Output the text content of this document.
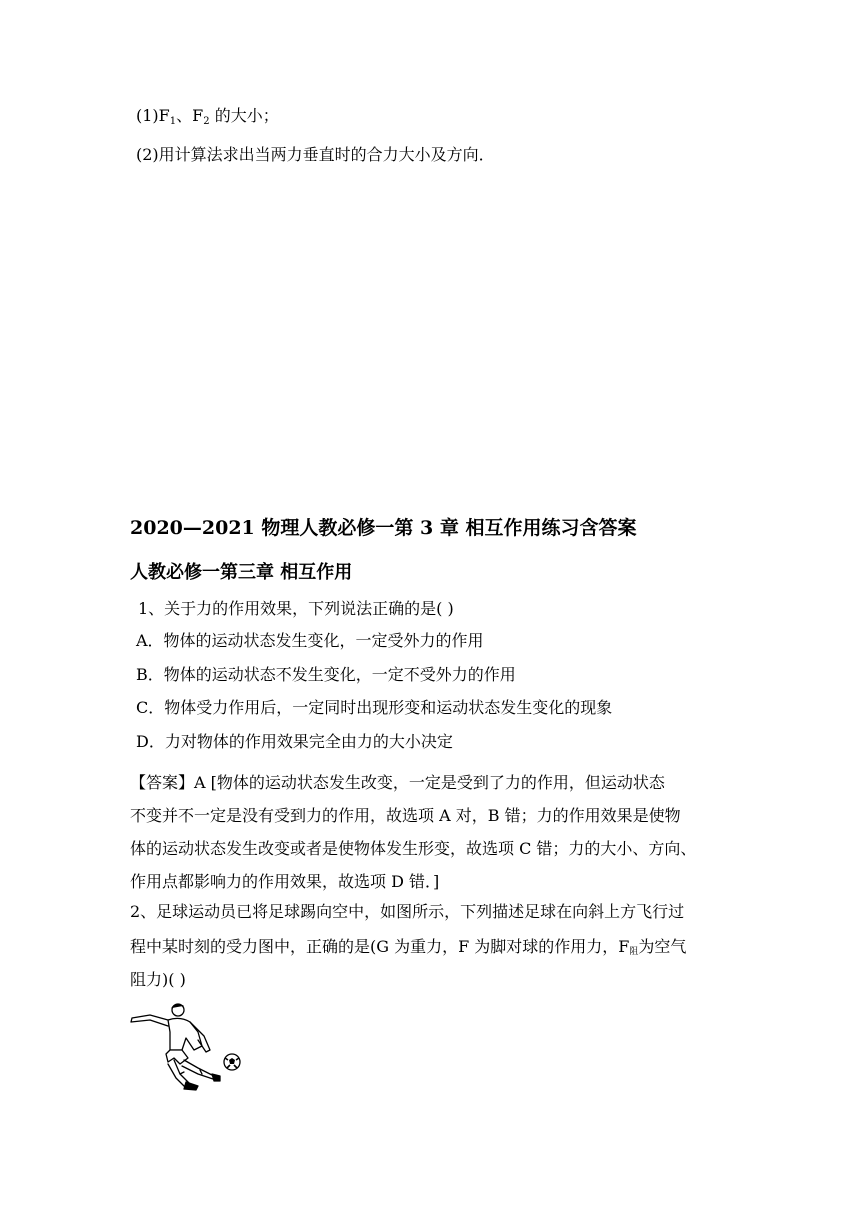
$(1)F_1$、$F_2$ 的大小；
(2)用计算法求出当两力垂直时的合力大小及方向．
2020—2021 物理人教必修一第 3 章 相互作用练习含答案
人教必修一第三章 相互作用
1、关于力的作用效果，下列说法正确的是( )
A．物体的运动状态发生变化，一定受外力的作用
B．物体的运动状态不发生变化，一定不受外力的作用
C．物体受力作用后，一定同时出现形变和运动状态发生变化的现象
D．力对物体的作用效果完全由力的大小决定
【答案】A [物体的运动状态发生改变，一定是受到了力的作用，但运动状态
不变并不一定是没有受到力的作用，故选项 A 对，B 错；力的作用效果是使物
体的运动状态发生改变或者是使物体发生形变，故选项 C 错；力的大小、方向、
作用点都影响力的作用效果，故选项 D 错．]
2、足球运动员已将足球踢向空中，如图所示，下列描述足球在向斜上方飞行过
程中某时刻的受力图中，正确的是(G 为重力，F 为脚对球的作用力，F阻为空气
阻力)( )
